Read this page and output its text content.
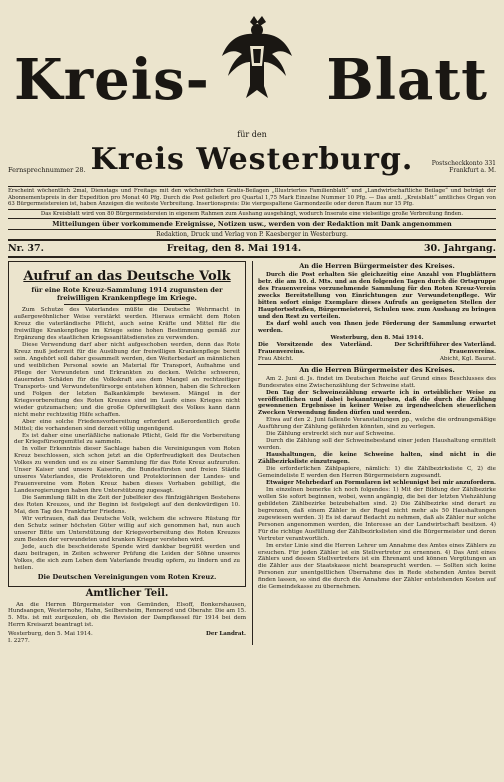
Kreis- Blatt
für den
Kreis Westerburg.
Fernsprechnummer 28.
Postscheckkonto 331
Frankfurt a. M.
Erscheint wöchentlich 2mal, Dienstags und Freitags mit den wöchentlichen Gratis-Beilagen „Illustriertes Familienblatt“ und „Landwirtschaftliche Beilage“ und beträgt der Abonnementspreis in der Expedition pro Monat 40 Pfg. Durch die Post geliefert pro Quartal 1,75 Mark Einzelne Nummer 10 Pfg. — Das amtl. „Kreisblatt“ amtliches Organ von 63 Bürgermeistereien ist, haben Anzeigen die weiteste Verbreitung. Insertionspreis: Die viergespaltene Garmondzeile oder deren Raum nur 15 Pfg.
Das Kreisblatt wird von 80 Bürgermeistereien in eigenem Rahmen zum Aushang ausgehängt, wodurch Inserate eine vielseitige große Verbreitung finden.
Mitteilungen über vorkommende Ereignisse, Notizen usw., werden von der Redaktion mit Dank angenommen
Redaktion, Druck und Verlag von P. Kaesberger in Westerburg.
Nr. 37.	Freitag, den 8. Mai 1914.	30. Jahrgang.
Aufruf an das Deutsche Volk
für eine Rote Kreuz-Sammlung 1914 zugunsten der freiwilligen Krankenpflege im Kriege.

Zum Schutze des Vaterlandes müßte die Deutsche Wehrmacht in außergewöhnlicher Weise verstärkt werden. Hieraus ermächt dem Roten Kreuz die vaterländische Pflicht, auch seine Kräfte und Mittel für die freiwillige Krankenpflege im Kriege seine hohen Bestimmung gemäß zur Ergänzung des staatlichen Kriegssanitätsdienstes zu verwenden.

Diese Verwendung darf aber nicht aufgeschoben werden, denn das Rote Kreuz muß jederzeit für die Ausübung der freiwilligen Krankenpflege bereit sein. Angehört soll daher gesammelt werden, den Weiterbedarf an männlichen und weiblichen Personal sowie an Material für Transport, Aufnahme und Pflege der Verwundeten und Erkrankten zu decken. Welche schweren, dauernden Schäden für die Volkskraft aus dem Mangel an rechtzeitiger Transports- und Verwundetenfürsorge entstehen können, haben die Schrecken und Folgen der letzten Balkankämpfe bewiesen. Mängel in der Kriegsvorbereitung des Roten Kreuzes sind im Laufe eines Krieges nicht wieder gutzumachen; und die große Opferwilligkeit des Volkes kann dann nicht mehr rechtzeitig Hilfe schaffen.

Aber eine solche Friedensvorbereitung erfordert außerordentlich große Mittel; die vorhandenen sind derzeit völlig ungenügend.

Es ist daher eine unerläßliche nationale Pflicht, Geld für die Vorbereitung der Kriegsfürsorgemittel zu sammeln.

In voller Erkenntnis dieser Sachlage haben die Vereinigungen vom Roten Kreuz beschlossen, sich schon jetzt an die Opferfreudigkeit des Deutschen Volkes zu wenden und es zu einer Sammlung für das Rote Kreuz aufzurufen. Unser Kaiser und unsere Kaiserin, die Bundesfürsten und freien Städte unseres Vaterlandes, die Protektoren und Protektorinnen der Landes- und Frauenvereine vom Roten Kreuz haben dieses Vorhaben gebilligt, die Landesregierungen haben ihre Unterstützung zugesagt.

Die Sammlung fällt in die Zeit der Jubelfeier des fünfzigjährigen Bestehens des Roten Kreuzes, und ihr Beginn ist festgelegt auf den denkwürdigen 10. Mai, den Tag des Frankfurter Friedens.

Wir vertrauen, daß das Deutsche Volk, welchem die schwere Rüstung für den Schutz seiner höchsten Güter willig auf sich genommen hat, nun auch unserer Bitte um Unterstützung der Kriegsvorbereitung des Roten Kreuzes zum Besten der verwundeten und kranken Krieger verstehen wird.

Jede, auch die bescheidenste Spende wird dankbar begrüßt werden und dazu beitragen, in Zeiten schwerer Prüfung die Leiden der Söhne unseres Volkes, die sich zum Leben dem Vaterlande freudig opfern, zu lindern und zu heilen.

Die Deutschen Vereinigungen vom Roten Kreuz.
Amtlicher Teil.

An die Herren Bürgermeister von Gemünden, Elsoff, Bonkershausen, Hundsangen, Westernohe, Hahn, Seilbersheim, Rennerod und Oberahr. Die am 15. 5. Mts. ist mit zurijezulen, ob die Revision der Dampfkessel für 1914 bei dem Herrn Kreisarzt beantragt ist.

Westerburg, den 5. Mai 1914.	Der Landrat.
I. 2277.
An die Herren Bürgermeister des Kreises.

Durch die Post erhalten Sie gleichzeitig eine Anzahl von Flugblättern betr. die am 10. d. Mts. und an den folgenden Tagen durch die Ortsgruppe des Frauenvereins vorzunehmende Sammlung für den Roten Kreuz-Verein zwecks Bereitstellung von Einrichtungen zur Verwundetenpflege. Wir bitten sofort einige Exemplare dieses Aufrufs an geeigneten Stellen der Hauptortsstraßen, Bürgermeisterei, Schulen usw. zum Aushang zu bringen und den Rest zu verteilen.

Es darf wohl auch von Ihnen jede Förderung der Sammlung erwartet werden.

Westerburg, den 8. Mai 1914.
Die Vorsitzende des Vaterländ. Frauenvereins.
Der Schriftführer des Vaterländ. Frauenvereins.
Frau Abicht.	Abicht, Kgl. Baurat.
An die Herren Bürgermeister des Kreises.

Am 2. Juni d. Js. findet im Deutschen Reiche auf Grund eines Beschlusses des Bundesrates eine Zwischenzählung der Schweine statt.

Den Tag der Schweinezählung erwarte ich in ortsüblicher Weise zu veröffentlichen und dabei bekanntzugeben, daß die durch die Zählung gewonnenen Ergebnisse in keiner Weise zu irgendwelchen steuerlichen Zwecken Verwendung finden dürfen und werden.

Etwa auf den 2. Juni fallende Veranstaltungen pp., welche die ordnungsmäßige Ausführung der Zählung gefährden könnten, sind zu verlegen.

Die Zählung erstreckt sich nur auf Schweine.

Durch die Zählung soll der Schweinebestand einer jeden Haushaltung ermittelt werden.

Haushaltungen, die keine Schweine halten, sind nicht in die Zählbezirksliste einzutragen.

Die erforderlichen Zählpapiere, nämlich: 1) die Zählbezirksliste C, 2) die Gemeindeliste E werden den Herren Bürgermeistern zugesandt.

Etwaiger Mehrbedarf an Formularen ist schleunigst bei mir anzufordern.

Im einzelnen bemerke ich noch folgendes: 1) Mit der Bildung der Zählbezirke wollen Sie sofort beginnen, wobei, wenn angängig, die bei der letzten Viehzählung gebildeten Zählbezirke beizubehalten sind. 2) Die Zählbezirke sind derart zu begrenzen, daß einem Zähler in der Regel nicht mehr als 50 Haushaltungen zugewiesen werden. 3) Es ist darauf Bedacht zu nehmen, daß als Zähler nur solche Personen angenommen werden, die Interesse an der Landwirtschaft besitzen. 4) Für die richtige Ausfüllung der Zählbezirkslisten sind die Bürgermeister und deren Vertreter verantwortlich.

Im erster Linie sind die Herren Lehrer um Annahme des Amtes eines Zählers zu ersuchen. Für jeden Zähler ist ein Stellvertreter zu ernennen. 4) Das Amt eines Zählers und dessen Stellvertreters ist ein Ehrenamt und können Vergütungen an die Zähler aus der Staatskasse nicht beansprucht werden. — Sollten sich keine Personen zur unentgeltlichen Übernahme des in Rede stehenden Amtes bereit finden lassen, so sind die durch die Annahme der Zähler entstehenden Kosten auf die Gemeindekasse zu übernehmen.
